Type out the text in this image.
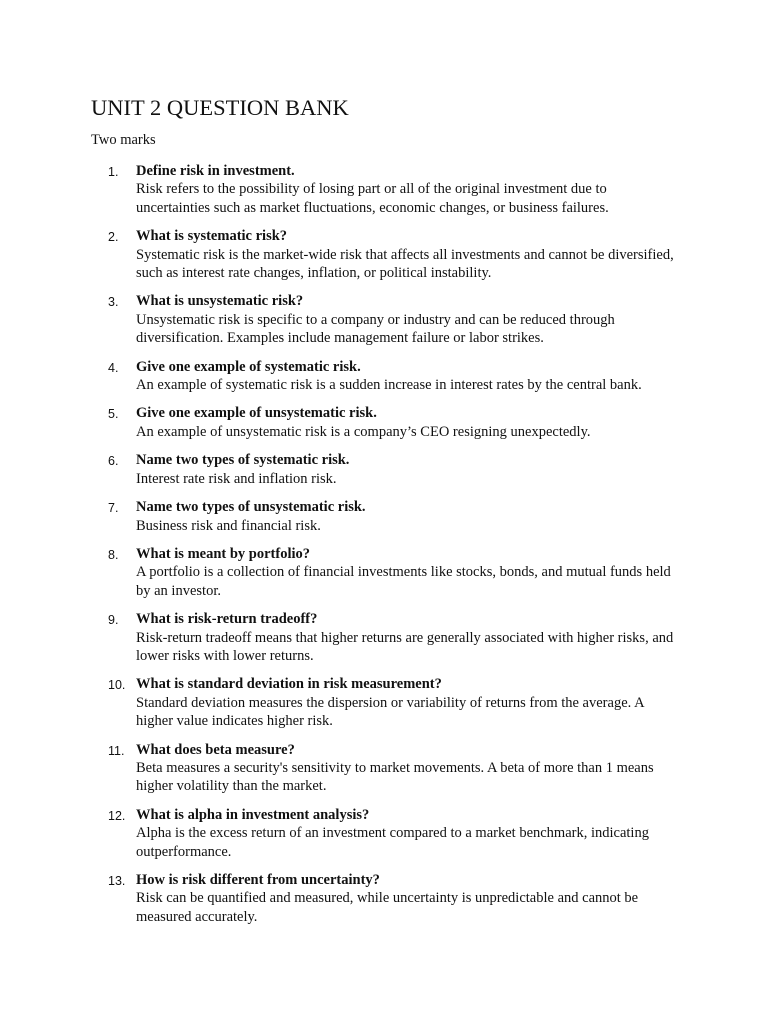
UNIT 2 QUESTION BANK
Two marks
1.	Define risk in investment.
Risk refers to the possibility of losing part or all of the original investment due to uncertainties such as market fluctuations, economic changes, or business failures.
2.	What is systematic risk?
Systematic risk is the market-wide risk that affects all investments and cannot be diversified, such as interest rate changes, inflation, or political instability.
3.	What is unsystematic risk?
Unsystematic risk is specific to a company or industry and can be reduced through diversification. Examples include management failure or labor strikes.
4.	Give one example of systematic risk.
An example of systematic risk is a sudden increase in interest rates by the central bank.
5.	Give one example of unsystematic risk.
An example of unsystematic risk is a company’s CEO resigning unexpectedly.
6.	Name two types of systematic risk.
Interest rate risk and inflation risk.
7.	Name two types of unsystematic risk.
Business risk and financial risk.
8.	What is meant by portfolio?
A portfolio is a collection of financial investments like stocks, bonds, and mutual funds held by an investor.
9.	What is risk-return tradeoff?
Risk-return tradeoff means that higher returns are generally associated with higher risks, and lower risks with lower returns.
10. What is standard deviation in risk measurement?
Standard deviation measures the dispersion or variability of returns from the average. A higher value indicates higher risk.
11. What does beta measure?
Beta measures a security's sensitivity to market movements. A beta of more than 1 means higher volatility than the market.
12. What is alpha in investment analysis?
Alpha is the excess return of an investment compared to a market benchmark, indicating outperformance.
13. How is risk different from uncertainty?
Risk can be quantified and measured, while uncertainty is unpredictable and cannot be measured accurately.
